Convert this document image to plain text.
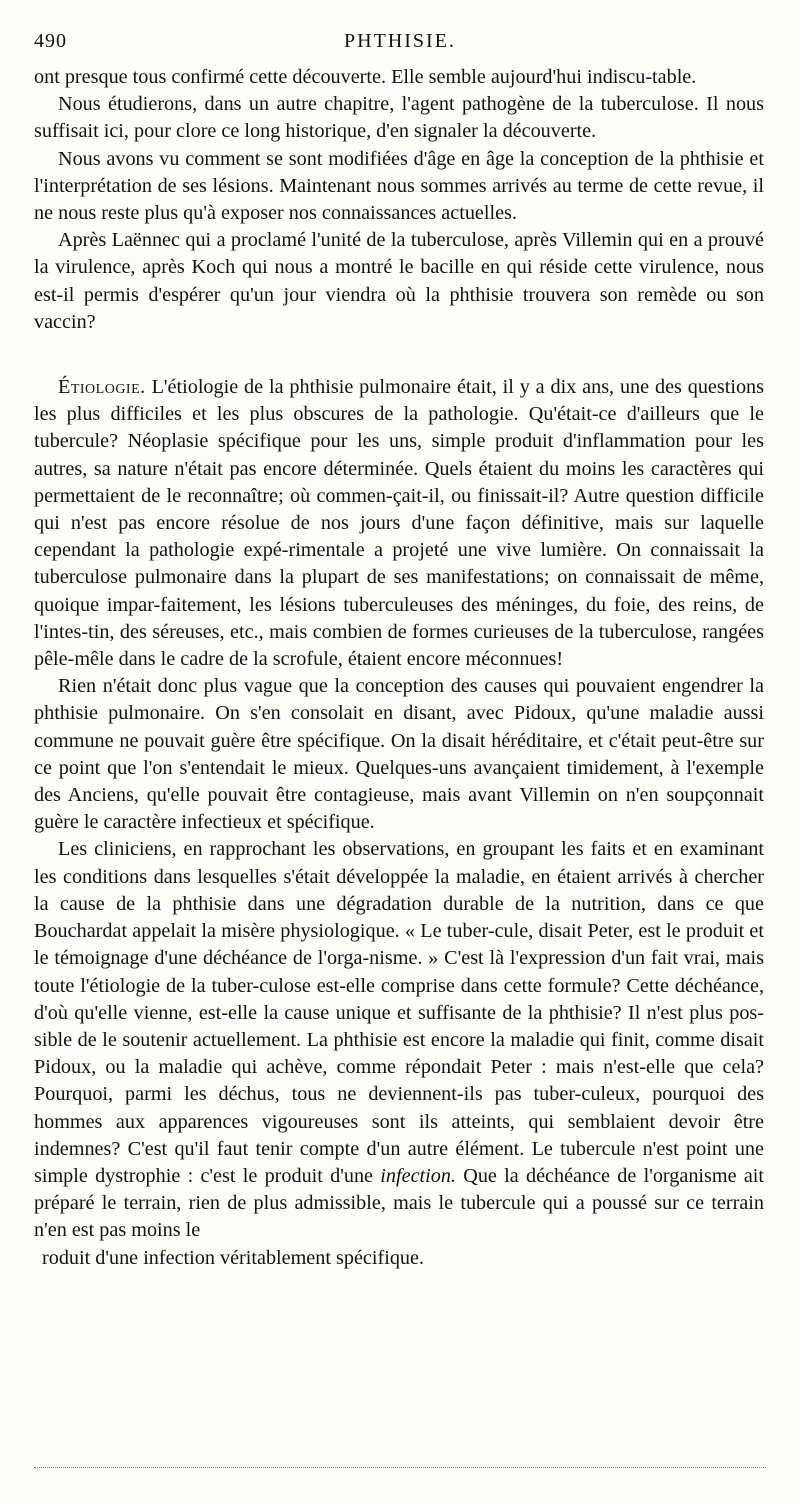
490	PHTHISIE.

ont presque tous confirmé cette découverte. Elle semble aujourd'hui indiscu-table.

Nous étudierons, dans un autre chapitre, l'agent pathogène de la tuberculose. Il nous suffisait ici, pour clore ce long historique, d'en signaler la découverte.

Nous avons vu comment se sont modifiées d'âge en âge la conception de la phthisie et l'interprétation de ses lésions. Maintenant nous sommes arrivés au terme de cette revue, il ne nous reste plus qu'à exposer nos connaissances actuelles.

Après Laënnec qui a proclamé l'unité de la tuberculose, après Villemin qui en a prouvé la virulence, après Koch qui nous a montré le bacille en qui réside cette virulence, nous est-il permis d'espérer qu'un jour viendra où la phthisie trouvera son remède ou son vaccin?

Étiologie. L'étiologie de la phthisie pulmonaire était, il y a dix ans, une des questions les plus difficiles et les plus obscures de la pathologie. Qu'était-ce d'ailleurs que le tubercule? Néoplasie spécifique pour les uns, simple produit d'inflammation pour les autres, sa nature n'était pas encore déterminée. Quels étaient du moins les caractères qui permettaient de le reconnaître; où commen-çait-il, ou finissait-il? Autre question difficile qui n'est pas encore résolue de nos jours d'une façon définitive, mais sur laquelle cependant la pathologie expé-rimentale a projeté une vive lumière. On connaissait la tuberculose pulmonaire dans la plupart de ses manifestations; on connaissait de même, quoique impar-faitement, les lésions tuberculeuses des méninges, du foie, des reins, de l'intes-tin, des séreuses, etc., mais combien de formes curieuses de la tuberculose, rangées pêle-mêle dans le cadre de la scrofule, étaient encore méconnues!

Rien n'était donc plus vague que la conception des causes qui pouvaient engendrer la phthisie pulmonaire. On s'en consolait en disant, avec Pidoux, qu'une maladie aussi commune ne pouvait guère être spécifique. On la disait héréditaire, et c'était peut-être sur ce point que l'on s'entendait le mieux. Quelques-uns avançaient timidement, à l'exemple des Anciens, qu'elle pouvait être contagieuse, mais avant Villemin on n'en soupçonnait guère le caractère infectieux et spécifique.

Les cliniciens, en rapprochant les observations, en groupant les faits et en examinant les conditions dans lesquelles s'était développée la maladie, en étaient arrivés à chercher la cause de la phthisie dans une dégradation durable de la nutrition, dans ce que Bouchardat appelait la misère physiologique. « Le tuber-cule, disait Peter, est le produit et le témoignage d'une déchéance de l'orga-nisme. » C'est là l'expression d'un fait vrai, mais toute l'étiologie de la tuber-culose est-elle comprise dans cette formule? Cette déchéance, d'où qu'elle vienne, est-elle la cause unique et suffisante de la phthisie? Il n'est plus pos-sible de le soutenir actuellement. La phthisie est encore la maladie qui finit, comme disait Pidoux, ou la maladie qui achève, comme répondait Peter : mais n'est-elle que cela? Pourquoi, parmi les déchus, tous ne deviennent-ils pas tuber-culeux, pourquoi des hommes aux apparences vigoureuses sont ils atteints, qui semblaient devoir être indemnes? C'est qu'il faut tenir compte d'un autre élément. Le tubercule n'est point une simple dystrophie : c'est le produit d'une infection. Que la déchéance de l'organisme ait préparé le terrain, rien de plus admissible, mais le tubercule qui a poussé sur ce terrain n'en est pas moins le

roduit d'une infection véritablement spécifique.
